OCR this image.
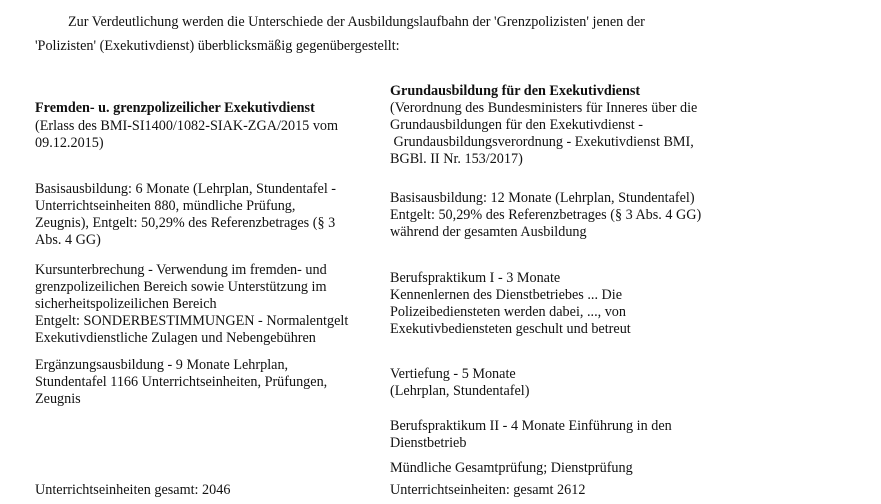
Zur Verdeutlichung werden die Unterschiede der Ausbildungslaufbahn der 'Grenzpolizisten' jenen der
'Polizisten' (Exekutivdienst) überblicksmäßig gegenübergestellt:
Fremden- u. grenzpolizeilicher Exekutivdienst
(Erlass des BMI-SI1400/1082-SIAK-ZGA/2015 vom
09.12.2015)
Basisausbildung: 6 Monate (Lehrplan, Stundentafel -
Unterrichtseinheiten 880, mündliche Prüfung,
Zeugnis), Entgelt: 50,29% des Referenzbetrages (§ 3
Abs. 4 GG)
Kursunterbrechung - Verwendung im fremden- und
grenzpolizeilichen Bereich sowie Unterstützung im
sicherheitspolizeilichen Bereich
Entgelt: SONDERBESTIMMUNGEN - Normalentgelt
Exekutivdienstliche Zulagen und Nebengebühren
Ergänzungsausbildung - 9 Monate Lehrplan,
Stundentafel 1166 Unterrichtseinheiten, Prüfungen,
Zeugnis
Unterrichtseinheiten gesamt: 2046
Grundausbildung für den Exekutivdienst
(Verordnung des Bundesministers für Inneres über die
Grundausbildungen für den Exekutivdienst -
Grundausbildungsverordnung - Exekutivdienst BMI,
BGBl. II Nr. 153/2017)
Basisausbildung: 12 Monate (Lehrplan, Stundentafel)
Entgelt: 50,29% des Referenzbetrages (§ 3 Abs. 4 GG)
während der gesamten Ausbildung
Berufspraktikum I - 3 Monate
Kennenlernen des Dienstbetriebes ... Die
Polizeibediensteten werden dabei, ..., von
Exekutivbediensteten geschult und betreut
Vertiefung - 5 Monate
(Lehrplan, Stundentafel)
Berufspraktikum II - 4 Monate Einführung in den
Dienstbetrieb
Mündliche Gesamtprüfung; Dienstprüfung
Unterrichtseinheiten: gesamt 2612
